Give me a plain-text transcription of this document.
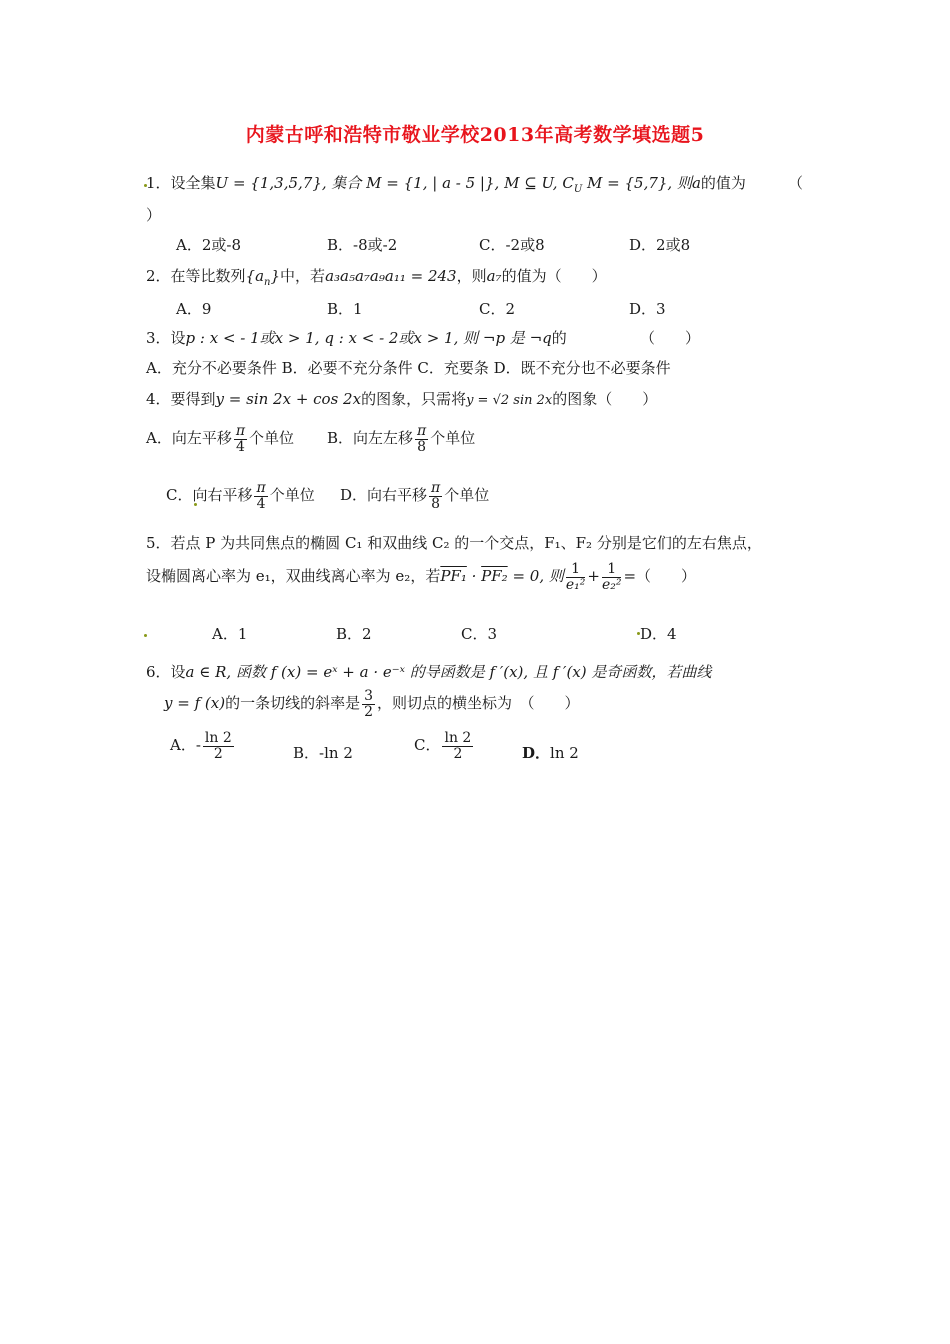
内蒙古呼和浩特市敬业学校2013年高考数学填选题5
1．设全集U = {1,3,5,7}, 集合 M = {1, | a - 5 |}, M ⊆ U, $C_U$ M = {5,7}, 则a的值为	（
）
A．2或-8	B．-8或-2	C．-2或8	D．2或8
2．在等比数列$\{a_n\}$中，若a₃a₅a₇a₉a₁₁ = 243，则a₇的值为（　　）
A．9	B．1	C．2	D．3
3．设p : x < - 1或x > 1, q : x < - 2或x > 1, 则 ¬p 是 ¬q的	（　　）
A．充分不必要条件 B．必要不充分条件 C．充要条 D．既不充分也不必要条件
4．要得到y = sin 2x + cos 2x的图象，只需将y = √2 sin 2x的图象（　　）
A．向左平移 $\frac{\pi}{4}$ 个单位 B．向左左移 $\frac{\pi}{8}$ 个单位
C．向右平移 $\frac{\pi}{4}$ 个单位 D．向右平移 $\frac{\pi}{8}$ 个单位
5．若点 P 为共同焦点的椭圆 C₁ 和双曲线 C₂ 的一个交点，F₁、F₂ 分别是它们的左右焦点，
设椭圆离心率为 e₁，双曲线离心率为 e₂，若PF₁ · PF₂ = 0, 则 $\frac{1}{\text{e₁²}} + \frac{1}{\text{e₂²}}$ =（　　）
A．1	B．2	C．3	D．4
6．设a ∈ R, 函数 f (x) = eˣ + a · e⁻ˣ 的导函数是 f ′(x), 且 f ′(x) 是奇函数，若曲线
y = f (x)的一条切线的斜率是 $\frac{3}{2}$ ，则切点的横坐标为　（　　）
A．- $\frac{\ln 2}{2}$	B．-ln 2	C． $\frac{\ln 2}{2}$	D．ln 2
